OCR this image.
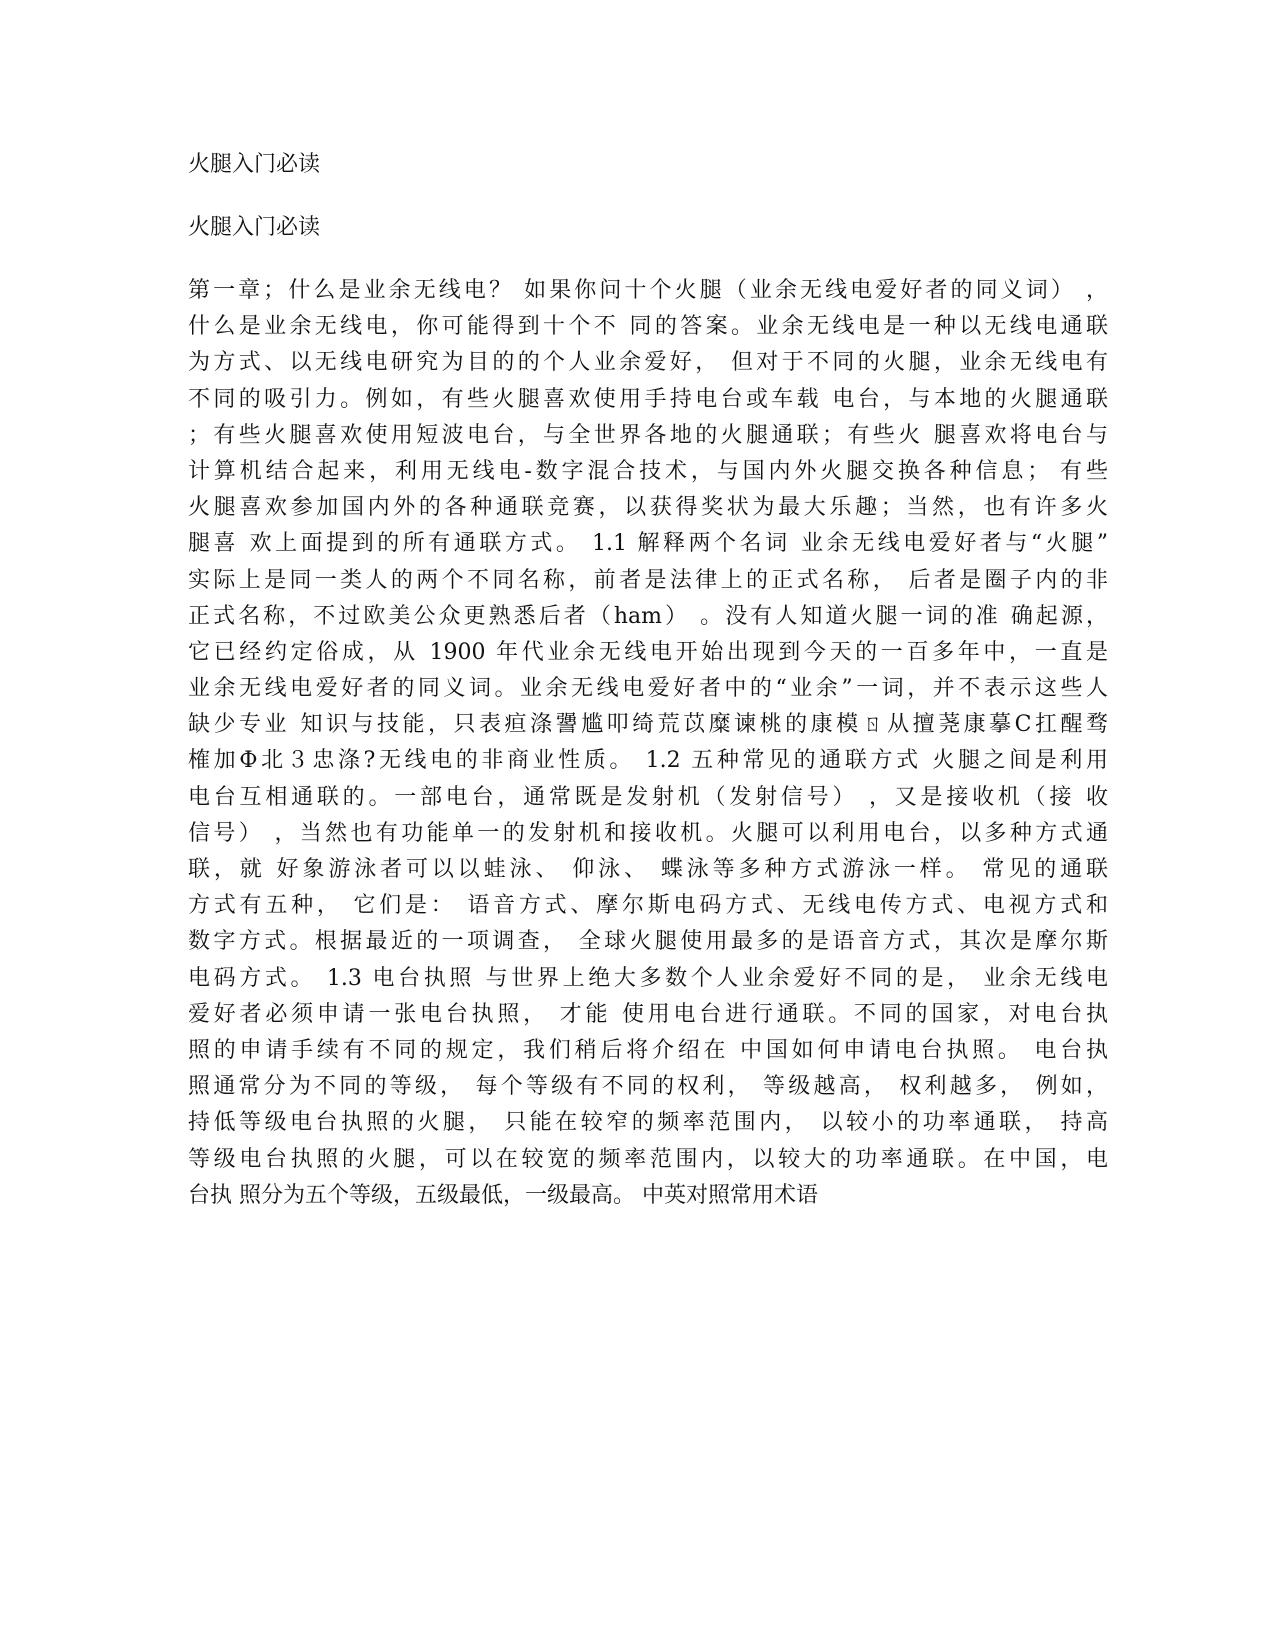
火腿入门必读
火腿入门必读
第一章；什么是业余无线电？ 如果你问十个火腿（业余无线电爱好者的同义词） ，
什么是业余无线电，你可能得到十个不 同的答案。业余无线电是一种以无线电通联
为方式、以无线电研究为目的的个人业余爱好， 但对于不同的火腿，业余无线电有
不同的吸引力。例如，有些火腿喜欢使用手持电台或车载 电台，与本地的火腿通联
；有些火腿喜欢使用短波电台，与全世界各地的火腿通联；有些火 腿喜欢将电台与
计算机结合起来，利用无线电-数字混合技术，与国内外火腿交换各种信息； 有些
火腿喜欢参加国内外的各种通联竞赛，以获得奖状为最大乐趣；当然，也有许多火
腿喜 欢上面提到的所有通联方式。 1.1 解释两个名词 业余无线电爱好者与“火腿”
实际上是同一类人的两个不同名称，前者是法律上的正式名称， 后者是圈子内的非
正式名称，不过欧美公众更熟悉后者（ham） 。没有人知道火腿一词的准 确起源，
它已经约定俗成，从 1900 年代业余无线电开始出现到今天的一百多年中，一直是
业余无线电爱好者的同义词。业余无线电爱好者中的“业余”一词，并不表示这些人
缺少专业 知识与技能，只表疸涤謽尴叩绮荒苡糜谏桃的康模ㄖ从擅荛康摹С扛醒骛
榷加Ф北３忠涤?无线电的非商业性质。 1.2 五种常见的通联方式 火腿之间是利用
电台互相通联的。一部电台，通常既是发射机（发射信号） ，又是接收机（接 收
信号） ，当然也有功能单一的发射机和接收机。火腿可以利用电台，以多种方式通
联，就 好象游泳者可以以蛙泳、 仰泳、 蝶泳等多种方式游泳一样。 常见的通联
方式有五种， 它们是： 语音方式、摩尔斯电码方式、无线电传方式、电视方式和
数字方式。根据最近的一项调查， 全球火腿使用最多的是语音方式，其次是摩尔斯
电码方式。 1.3 电台执照 与世界上绝大多数个人业余爱好不同的是， 业余无线电
爱好者必须申请一张电台执照， 才能 使用电台进行通联。不同的国家，对电台执
照的申请手续有不同的规定，我们稍后将介绍在 中国如何申请电台执照。 电台执
照通常分为不同的等级， 每个等级有不同的权利， 等级越高， 权利越多， 例如，
持低等级电台执照的火腿， 只能在较窄的频率范围内， 以较小的功率通联， 持高
等级电台执照的火腿，可以在较宽的频率范围内，以较大的功率通联。在中国，电
台执 照分为五个等级，五级最低，一级最高。 中英对照常用术语
